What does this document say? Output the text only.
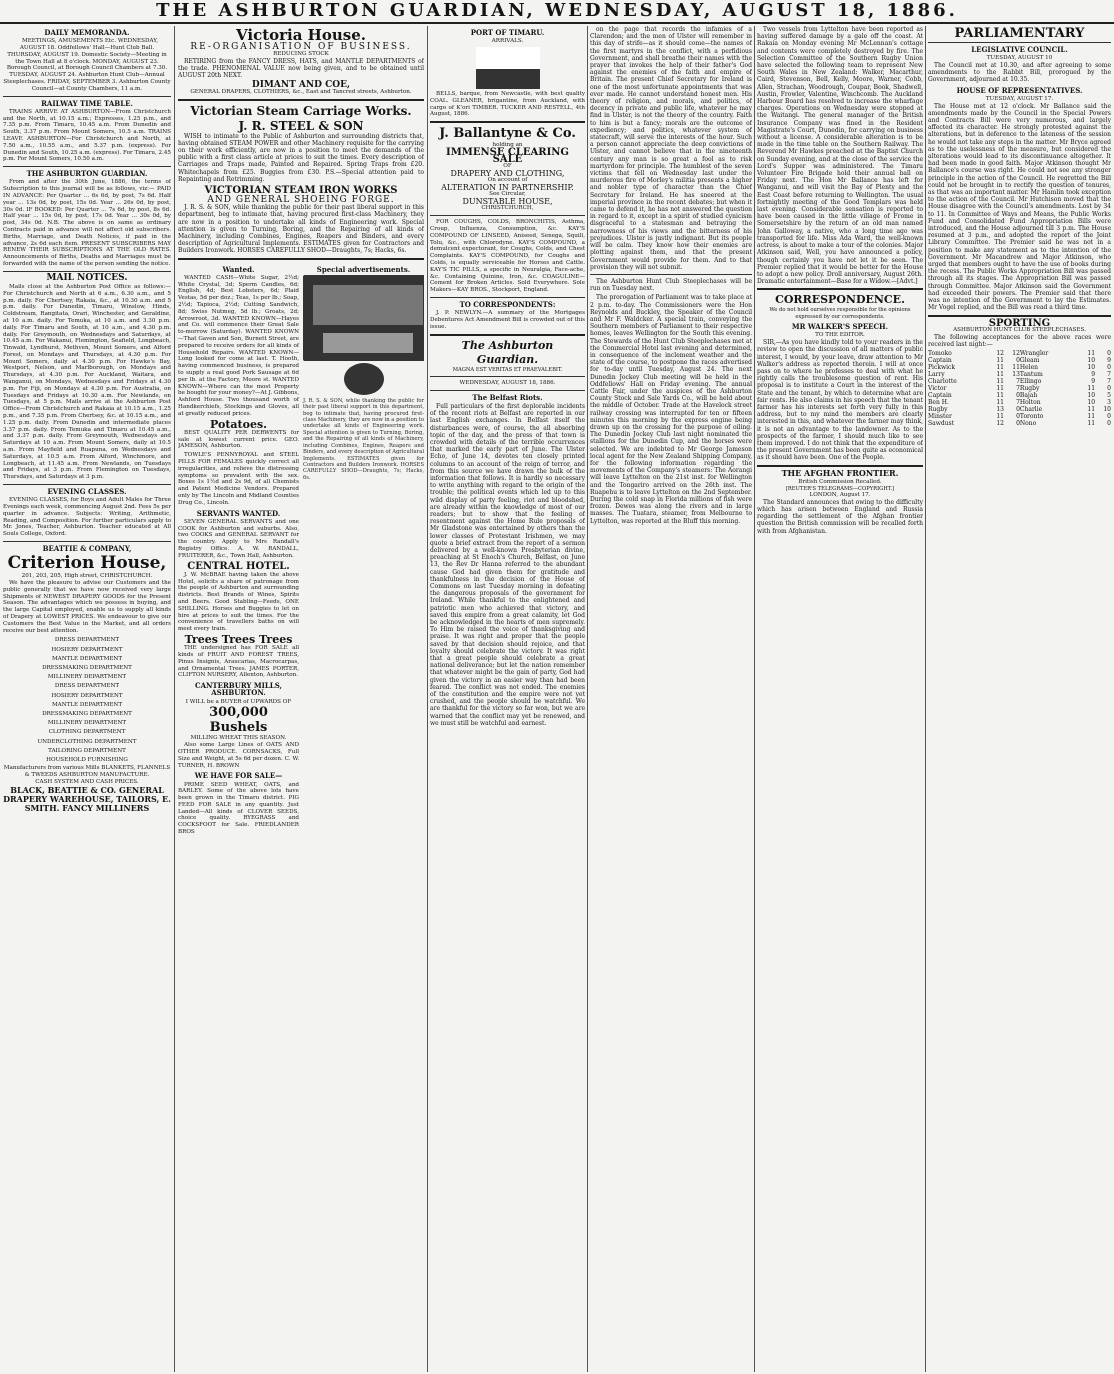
THE ASHBURTON GUARDIAN, WEDNESDAY, AUGUST 18, 1886.
DAILY MEMORANDA.
MEETINGS, AMUSEMENTS Etc. WEDNESDAY, AUGUST 18. Oddfellows' Hall—Hunt Club Ball. THURSDAY, AUGUST 19. Domestic Society—Meeting in the Town Hall at 8 o'clock. MONDAY, AUGUST 23. Borough Council, at Borough Council Chambers at 7.30. TUESDAY, AUGUST 24. Ashburton Hunt Club—Annual Steeplechases. FRIDAY, SEPTEMBER 3. Ashburton County Council—at County Chambers, 11 a.m.
RAILWAY TIME TABLE.
TRAINS ARRIVE AT ASHBURTON—From Christchurch and the North, at 10.15 a.m.; Expresses, 1.25 p.m., and 7.35 p.m. From Timaru, 10.45 a.m. From Dunedin and South, 3.37 p.m. From Mount Somers, 10.5 a.m. TRAINS LEAVE ASHBURTON—For Christchurch and North, at 7.50 a.m., 10.55 a.m., and 5.37 p.m. (express). For Dunedin and South, 10.25 a.m. (express). For Timaru, 2.45 p.m. For Mount Somers, 10.50 a.m.
THE ASHBURTON GUARDIAN.
From and after the 30th June, 1886, the terms of Subscription to this journal will be as follows, viz:— PAID IN ADVANCE: Per Quarter ... 6s 6d, by post, 7s 6d. Half year ... 13s 0d, by post, 15s 0d. Year ... 26s 0d, by post, 30s 0d. IF BOOKED: Per Quarter ... 7s 6d, by post, 8s 6d. Half year ... 15s 0d, by post, 17s 0d. Year ... 30s 0d, by post, 34s 0d. N.B. The above is on same as ordinary Contracts paid in advance will not affect old subscribers. Births, Marriage, and Death Notices, if paid in the advance, 2s 6d each item. PRESENT SUBSCRIBERS MAY RENEW THEIR SUBSCRIPTIONS AT THE OLD RATES. Announcements of Births, Deaths and Marriages must be forwarded with the name of the person sending the notice.
MAIL NOTICES.
Mails close at the Ashburton Post Office as follows:— For Christchurch and North at 6 a.m., 6.30 a.m., and 5 p.m. daily. For Chertsey, Rakaia, &c., at 10.30 a.m. and 5 p.m. daily. For Dunedin, Timaru, Winslow, Hinds, Coldstream, Rangitata, Orari, Winchester, and Geraldine, at 10 a.m. daily. For Temuka, at 10 a.m. and 3.30 p.m. daily. For Timaru and South, at 10 a.m., and 4.30 p.m. daily. For Greymouth, on Wednesdays and Saturdays, at 10.45 a.m. For Wakanui, Flemington, Seafield, Longbeach, Tinwald, Lyndhurst, Methven, Mount Somers, and Alford Forest, on Mondays and Thursdays, at 4.30 p.m. For Mount Somers, daily at 4.30 p.m. For Hawke's Bay, Westport, Nelson, and Marlborough, on Mondays and Thursdays, at 4.30 p.m. For Auckland, Waitara, and Wanganui, on Mondays, Wednesdays and Fridays at 4.30 p.m. For Fiji, on Mondays at 4.30 p.m. For Australia, on Tuesdays and Fridays at 10.30 a.m. For Newlands, on Tuesdays, at 5 p.m. Mails arrive at the Ashburton Post Office—From Christchurch and Rakaia at 10.15 a.m., 1.25 p.m., and 7.35 p.m. From Chertsey, &c. at 10.15 a.m., and 1.25 p.m. daily. From Dunedin and intermediate places 3.37 p.m. daily. From Temuka and Timaru at 10.45 a.m., and 3.37 p.m. daily. From Greymouth, Wednesdays and Saturdays at 10 a.m. From Mount Somers, daily at 10.5 a.m. From Mayfield and Ruapuna, on Wednesdays and Saturdays, at 10.5 a.m. From Alford, Winchmore, and Longbeach, at 11.45 a.m. From Newlands, on Tuesdays and Fridays, at 3 p.m. From Flemington on Tuesdays, Thursdays, and Saturdays at 3 p.m.
EVENING CLASSES.
EVENING CLASSES, for Boys and Adult Males for Three Evenings each week, commencing August 2nd. Fees 5s per quarter in advance. Subjects: Writing, Arithmetic, Reading, and Composition. For further particulars apply to Mr. Jones, Teacher, Ashburton. Teacher educated at All Souls College, Oxford.
BEATTIE & COMPANY,
Criterion House,
201, 203, 205, High street, CHRISTCHURCH.
We have the pleasure to advise our Customers and the public generally that we have now received very large Shipments of NEWEST DRAPERY GOODS for the Present Season. The advantages which we possess in buying, and the large Capital employed, enable us to supply all kinds of Drapery at LOWEST PRICES. We endeavour to give our Customers the Best Value in the Market, and all orders receive our best attention.
DRESS DEPARTMENT
HOSIERY DEPARTMENT
MANTLE DEPARTMENT
DRESSMAKING DEPARTMENT
MILLINERY DEPARTMENT
DRESS DEPARTMENT
HOSIERY DEPARTMENT
MANTLE DEPARTMENT
DRESSMAKING DEPARTMENT
MILLINERY DEPARTMENT
CLOTHING DEPARTMENT
UNDERCLOTHING DEPARTMENT
TAILORING DEPARTMENT
HOUSEHOLD FURNISHING
Manufacturers from various Mills BLANKETS, FLANNELS & TWEEDS ASHBURTON MANUFACTURE.
CASH SYSTEM AND CASH PRICES.
BLACK, BEATTIE & CO. GENERAL DRAPERY WAREHOUSE, TAILORS, E. SMITH. FANCY MILLINERS
Victoria House.
RE-ORGANISATION OF BUSINESS.
REDUCING STOCK
RETIRING from the FANCY DRESS, HATS, and MANTLE DEPARTMENTS of the trade. PHENOMENAL VALUE now being given, and to be obtained until AUGUST 20th NEXT.
DIMANT AND COE,
GENERAL DRAPERS, CLOTHIERS, &c., East and Tancred streets, Ashburton.
Victorian Steam Carriage Works.
J. R. STEEL & SON
WISH to intimate to the Public of Ashburton and surrounding districts that, having obtained STEAM POWER and other Machinery requisite for the carrying on their work efficiently, are now in a position to meet the demands of the public with a first class article at prices to suit the times. Every description of Carriages and Traps made, Painted and Repaired. Spring Traps from £20. Whitechapels from £25. Buggies from £30. P.S.—Special attention paid to Repainting and Retrimming.
VICTORIAN STEAM IRON WORKS
AND GENERAL SHOEING FORGE.
J. R. S. & SON, while thanking the public for their past liberal support in this department, beg to intimate that, having procured first-class Machinery, they are now in a position to undertake all kinds of Engineering work. Special attention is given to Turning, Boring, and the Repairing of all kinds of Machinery, including Combines, Engines, Reapers and Binders, and every description of Agricultural Implements. ESTIMATES given for Contractors and Builders Ironwork. HORSES CAREFULLY SHOD—Draughts, 7s; Hacks, 6s.
Wanted.
WANTED CASH—White Sugar, 2½d; White Crystal, 3d; Sperm Candles, 6d; English, 4d; Best Lobsters, 6d; Plaid Vestas, 5d per doz.; Teas, 1s per lb.; Soap, 2½d; Tapioca, 2½d; Cutting Sandwich, 8d; Swiss Nutmeg, 5d lb.; Groats, 2d; Arrowroot, 3d. WANTED KNOWN—Hayes and Co. will commence their Great Sale to-morrow (Saturday). WANTED KNOWN—That Gaven and Son, Burnett Street, are prepared to receive orders for all kinds of Household Repairs. WANTED KNOWN—Long looked for come at last. T. Hooth, having commenced business, is prepared to supply a real good Pork Sausage at 6d per lb. at the Factory, Moore st. WANTED KNOWN—Where can the most Property be bought for your money?—At J. Gibbons, Ashford House. Two thousand worth of Handkerchiefs, Stockings and Gloves, all at greatly reduced prices.
Potatoes.
BEST QUALITY PER DERWENTS for sale at lowest current price. GEO. JAMESON, Ashburton.
TOWLE'S PENNYROYAL and STEEL PILLS FOR FEMALES quickly correct all irregularities, and relieve the distressing symptoms so prevalent with the sex. Boxes 1s 1½d and 2s 9d, of all Chemists and Patent Medicine Vendors. Prepared only by The Lincoln and Midland Counties Drug Co., Lincoln.
SERVANTS WANTED.
SEVEN GENERAL SERVANTS and one COOK for Ashburton and suburbs. Also, two COOKS and GENERAL SERVANT for the country. Apply to Mrs Randall's Registry Office. A. W. RANDALL, FRUITERER, &c., Town Hall, Ashburton.
CENTRAL HOTEL.
J. W. McBRAE having taken the above Hotel, solicits a share of patronage from the people of Ashburton and surrounding districts. Best Brands of Wines, Spirits and Beers. Good Stabling—Feeds, ONE SHILLING. Horses and Buggies to let on hire at prices to suit the times. For the convenience of travellers baths on will meet every train.
Trees Trees Trees
THE undersigned has FOR SALE all kinds of FRUIT AND FOREST TREES, Pinus Insignis, Araucarias, Macrocarpas, and Ornamental Trees. JAMES PORTER, CLIFTON NURSERY, Allenton, Ashburton.
CANTERBURY MILLS, ASHBURTON.
I WILL be a BUYER of UPWARDS OF
300,000 Bushels
MILLING WHEAT THIS SEASON.
Also some Large Lines of OATS AND OTHER PRODUCE. CORNSACKS, Full Size and Weight, at 5s 6d per dozen. C. W. TURNER, H. BROWN
WE HAVE FOR SALE—
PRIME SEED WHEAT, OATS, and BARLEY. Some of the above lots have been grown in the Timaru district. PIG FEED FOR SALE in any quantity. Just Landed—All kinds of CLOVER SEEDS, choice quality. RYEGRASS and COCKSFOOT for Sale. FRIEDLANDER BROS
Special advertisements.
J. R. S. & SON, while thanking the public for their past liberal support in this department, beg to intimate that, having procured first-class Machinery, they are now in a position to undertake all kinds of Engineering work. Special attention is given to Turning, Boring, and the Repairing of all kinds of Machinery, including Combines, Engines, Reapers and Binders, and every description of Agricultural Implements. ESTIMATES given for Contractors and Builders Ironwork. HORSES CAREFULLY SHOD—Draughts, 7s; Hacks, 6s.
PORT OF TIMARU.
ARRIVALS.
BELLS, barque, from Newcastle, with best quality COAL. GLEANER, brigantine, from Auckland, with cargo of K'ori TIMBER. TUCKER AND RESTELL, 4th August, 1886.
J. Ballantyne & Co.
holding an
IMMENSE CLEARING SALE
OF
DRAPERY AND CLOTHING,
On account of
ALTERATION IN PARTNERSHIP.
See Circular,
DUNSTABLE HOUSE,
CHRISTCHURCH,
FOR COUGHS, COLDS, BRONCHITIS, Asthma, Croup, Influenza, Consumption, &c. KAY'S COMPOUND OF LINSEED, Aniseed, Senega, Squill, Tolu, &c., with Chlorodyne. KAY'S COMPOUND, a demulcent expectorant, for Coughs, Colds, and Chest Complaints. KAY'S COMPOUND, for Coughs and Colds, is equally serviceable for Horses and Cattle. KAY'S TIC PILLS, a specific in Neuralgia, Face-ache, &c. Containing Quinine, Iron, &c. COAGULINE—Cement for Broken Articles. Sold Everywhere. Sole Makers—KAY BROS., Stockport, England.
TO CORRESPONDENTS:
J. P. NEWLYN.—A summary of the Mortgages Debentures Act Amendment Bill is crowded out of this issue.
The Ashburton Guardian.
MAGNA EST VERITAS ET PRAEVALEBIT.
WEDNESDAY, AUGUST 18, 1886.
The Belfast Riots.
Full particulars of the first deplorable incidents of the recent riots at Belfast are reported in our last English exchanges. In Belfast itself the disturbances were, of course, the all absorbing topic of the day, and the press of that town is crowded with details of the terrible occurrences that marked the early part of June. The Ulster Echo, of June 14, devotes ten closely printed columns to an account of the reign of terror, and from this source we have drawn the bulk of the information that follows. It is hardly so necessary to write anything with regard to the origin of the trouble; the political events which led up to this wild display of party feeling, riot and bloodshed, are already within the knowledge of most of our readers; but to show that the feeling of resentment against the Home Rule proposals of Mr Gladstone was entertained by others than the lower classes of Protestant Irishmen, we may quote a brief extract from the report of a sermon delivered by a well-known Presbyterian divine, preaching at St Enoch's Church, Belfast, on June 13, the Rev Dr Hanna referred to the abundant cause God had given them for gratitude and thankfulness in the decision of the House of Commons on last Tuesday morning in defeating the dangerous proposals of the government for Ireland. While thankful to the enlightened and patriotic men who achieved that victory, and saved this empire from a great calamity, let God be acknowledged in the hearts of men supremely. To Him be raised the voice of thanksgiving and praise. It was right and proper that the people saved by that decision should rejoice, and that loyalty should celebrate the victory. It was right that a great people should celebrate a great national deliverance; but let the nation remember that whatever might be the gain of party, God had given the victory in an easier way than had been feared. The conflict was not ended. The enemies of the constitution and the empire were not yet crushed, and the people should be watchful. We are thankful for the victory so far won, but we are warned that the conflict may yet be renewed, and we must still be watchful and earnest.
on the page that records the infamies of a Clarendon; and the men of Ulster will remember in this day of strife—as it should come—the names of the first martyrs in the conflict, with a perfidious Government, and shall breathe their names with the prayer that invokes the help of their father's God against the enemies of the faith and empire of Britain. The present Chief Secretary for Ireland is one of the most unfortunate appointments that was ever made. He cannot understand honest men. His theory of religion, and morals, and politics, of decency in private and public life, whatever he may find in Ulster, is not the theory of the country. Faith to him is but a fancy; morals are the outcome of expediency; and politics, whatever system of statecraft, will serve the interests of the hour. Such a person cannot appreciate the deep convictions of Ulster, and cannot believe that in the nineteenth century any man is so great a fool as to risk martyrdom for principle. The humblest of the seven victims that fell on Wednesday last under the murderous fire of Morley's militia presents a higher and nobler type of character than the Chief Secretary for Ireland. He has sneered at the imperial province in the recent debates; but when it came to defend it, he has not answered the question in regard to it, except in a spirit of studied cynicism disgraceful to a statesman and betraying the narrowness of his views and the bitterness of his prejudices. Ulster is justly indignant. But its people will be calm. They know how their enemies are plotting against them, and that the present Government would provide for them. And to that provision they will not submit.
The Ashburton Hunt Club Steeplechases will be run on Tuesday next.
The prorogation of Parliament was to take place at 2 p.m. to-day. The Commissioners were the Hon Reynolds and Buckley, the Speaker of the Council and Mr F. Waldcker. A special train, conveying the Southern members of Parliament to their respective homes, leaves Wellington for the South this evening. The Stewards of the Hunt Club Steeplechases met at the Commercial Hotel last evening and determined, in consequence of the inclement weather and the state of the course, to postpone the races advertised for to-day until Tuesday, August 24. The next Dunedin Jockey Club meeting will be held in the Oddfellows' Hall on Friday evening. The annual Cattle Fair, under the auspices of the Ashburton County Stock and Sale Yards Co., will be held about the middle of October. Trade at the Havelock street railway crossing was interrupted for ten or fifteen minutes this morning by the express engine being drawn up on the crossing for the purpose of oiling. The Dunedin Jockey Club last night nominated the stallions for the Dunedin Cup, and the horses were selected. We are indebted to Mr George Jameson local agent for the New Zealand Shipping Company, for the following information regarding the movements of the Company's steamers: The Aorangi will leave Lyttelton on the 21st inst. for Wellington and the Tongariro arrived on the 26th inst. The Ruapehu is to leave Lyttelton on the 2nd September. During the cold snap in Florida millions of fish were frozen. Dewes was along the rivers and in large masses. The Tuatara, steamer, from Melbourne to Lyttelton, was reported at the Bluff this morning.
Two vessels from Lyttelton have been reported as having suffered damage by a gale off the coast. At Rakaia on Monday evening Mr McLennan's cottage and contents were completely destroyed by fire. The Selection Committee of the Southern Rugby Union have selected the following team to represent New South Wales in New Zealand: Walker, Macarthur, Caird, Stevenson, Bell, Kelly, Moore, Warner, Cobb, Allen, Strachan, Woodrough, Coupar, Book, Shadwell, Austin, Frowler, Valentine, Winchcomb. The Auckland Harbour Board has resolved to increase the wharfage charges. Operations on Wednesday were stopped at the Waitangi. The general manager of the British Insurance Company was fined in the Resident Magistrate's Court, Dunedin, for carrying on business without a license. A considerable alteration is to be made in the time table on the Southern Railway. The Reverend Mr Hawkes preached at the Baptist Church on Sunday evening, and at the close of the service the Lord's Supper was administered. The Timaru Volunteer Fire Brigade hold their annual ball on Friday next. The Hon Mr Ballance has left for Wanganui, and will visit the Bay of Plenty and the East Coast before returning to Wellington. The usual fortnightly meeting of the Good Templars was held last evening. Considerable sensation is reported to have been caused in the little village of Frome in Somersetshire by the return of an old man named John Galloway, a native, who a long time ago was transported for life. Miss Ada Ward, the well-known actress, is about to make a tour of the colonies. Major Atkinson said, Well, you have announced a policy, though certainly you have not let it be seen. The Premier replied that it would be better for the House to adopt a new policy. Droll anniversary, August 26th. Dramatic entertainment—Base for a Widow.—[Advt.]
CORRESPONDENCE.
We do not hold ourselves responsible for the opinions expressed by our correspondents.
MR WALKER'S SPEECH.
TO THE EDITOR.
SIR,—As you have kindly told to your readers in the review to open the discussion of all matters of public interest, I would, by your leave, draw attention to Mr Walker's address as reported therein. I will at once pass on to where he professes to deal with what he rightly calls the troublesome question of rent. His proposal is to institute a Court in the interest of the State and the tenant, by which to determine what are fair rents. He also claims in his speech that the tenant farmer has his interests set forth very fully in this address, but to my mind the members are clearly interested in this, and whatever the farmer may think, it is not an advantage to the landowner. As to the prospects of the farmer, I should much like to see them improved. I do not think that the expenditure of the present Government has been quite as economical as it should have been. One of the People.
THE AFGHAN FRONTIER.
British Commission Recalled.
[REUTER'S TELEGRAMS—COPYRIGHT.]
LONDON, August 17.
The Standard announces that owing to the difficulty which has arisen between England and Russia regarding the settlement of the Afghan frontier question the British commission will be recalled forth with from Afghanistan.
PARLIAMENTARY
LEGISLATIVE COUNCIL.
TUESDAY, AUGUST 10
The Council met at 10.30, and after agreeing to some amendments to the Rabbit Bill, prorogued by the Government, adjourned at 10.35.
HOUSE OF REPRESENTATIVES.
TUESDAY, AUGUST 17.
The House met at 12 o'clock. Mr Ballance said the amendments made by the Council in the Special Powers and Contracts Bill were very numerous, and largely affected its character. He strongly protested against the alterations, but in deference to the lateness of the session he would not take any steps in the matter. Mr Bryce agreed as to the uselessness of the measure, but considered the alterations would lead to its discontinuance altogether. It had been made in good faith. Major Atkinson thought Mr Ballance's course was right. He could not see any stronger principle in the action of the Council. He regretted the Bill could not be brought in to rectify the question of tenures, as that was an important matter. Mr Hamlin took exception to the action of the Council. Mr Hutchison moved that the House disagree with the Council's amendments. Lost by 34 to 11. In Committee of Ways and Means, the Public Works Fund and Consolidated Fund Appropriation Bills were introduced, and the House adjourned till 3 p.m. The House resumed at 3 p.m., and adopted the report of the Joint Library Committee. The Premier said he was not in a position to make any statement as to the intention of the Government. Mr Macandrew and Major Atkinson, who urged that members ought to have the use of books during the recess. The Public Works Appropriation Bill was passed through all its stages. The Appropriation Bill was passed through Committee. Major Atkinson said the Government had exceeded their powers. The Premier said that there was no intention of the Government to lay the Estimates. Mr Vogel replied, and the Bill was read a third time.
SPORTING
ASHBURTON HUNT CLUB STEEPLECHASES.
The following acceptances for the above races were received last night:—
Tomoko	12	12	Wrangler	11	0
Captain	11	0	Gleam	10	9
Pickwick	11	11	Helen	10	0
Larry	11	13	Tantum	9	7
Charlotte	11	7	Ellingo	9	7
Victor	11	7	Rugby	11	0
Captain	11	0	Bajah	10	5
Ben H.	11	7	Holton	10	3
Rugby	13	0	Charlie	11	10
Minster	11	0	Toronto	11	0
Sawdust	12	0	Nono	11	0
